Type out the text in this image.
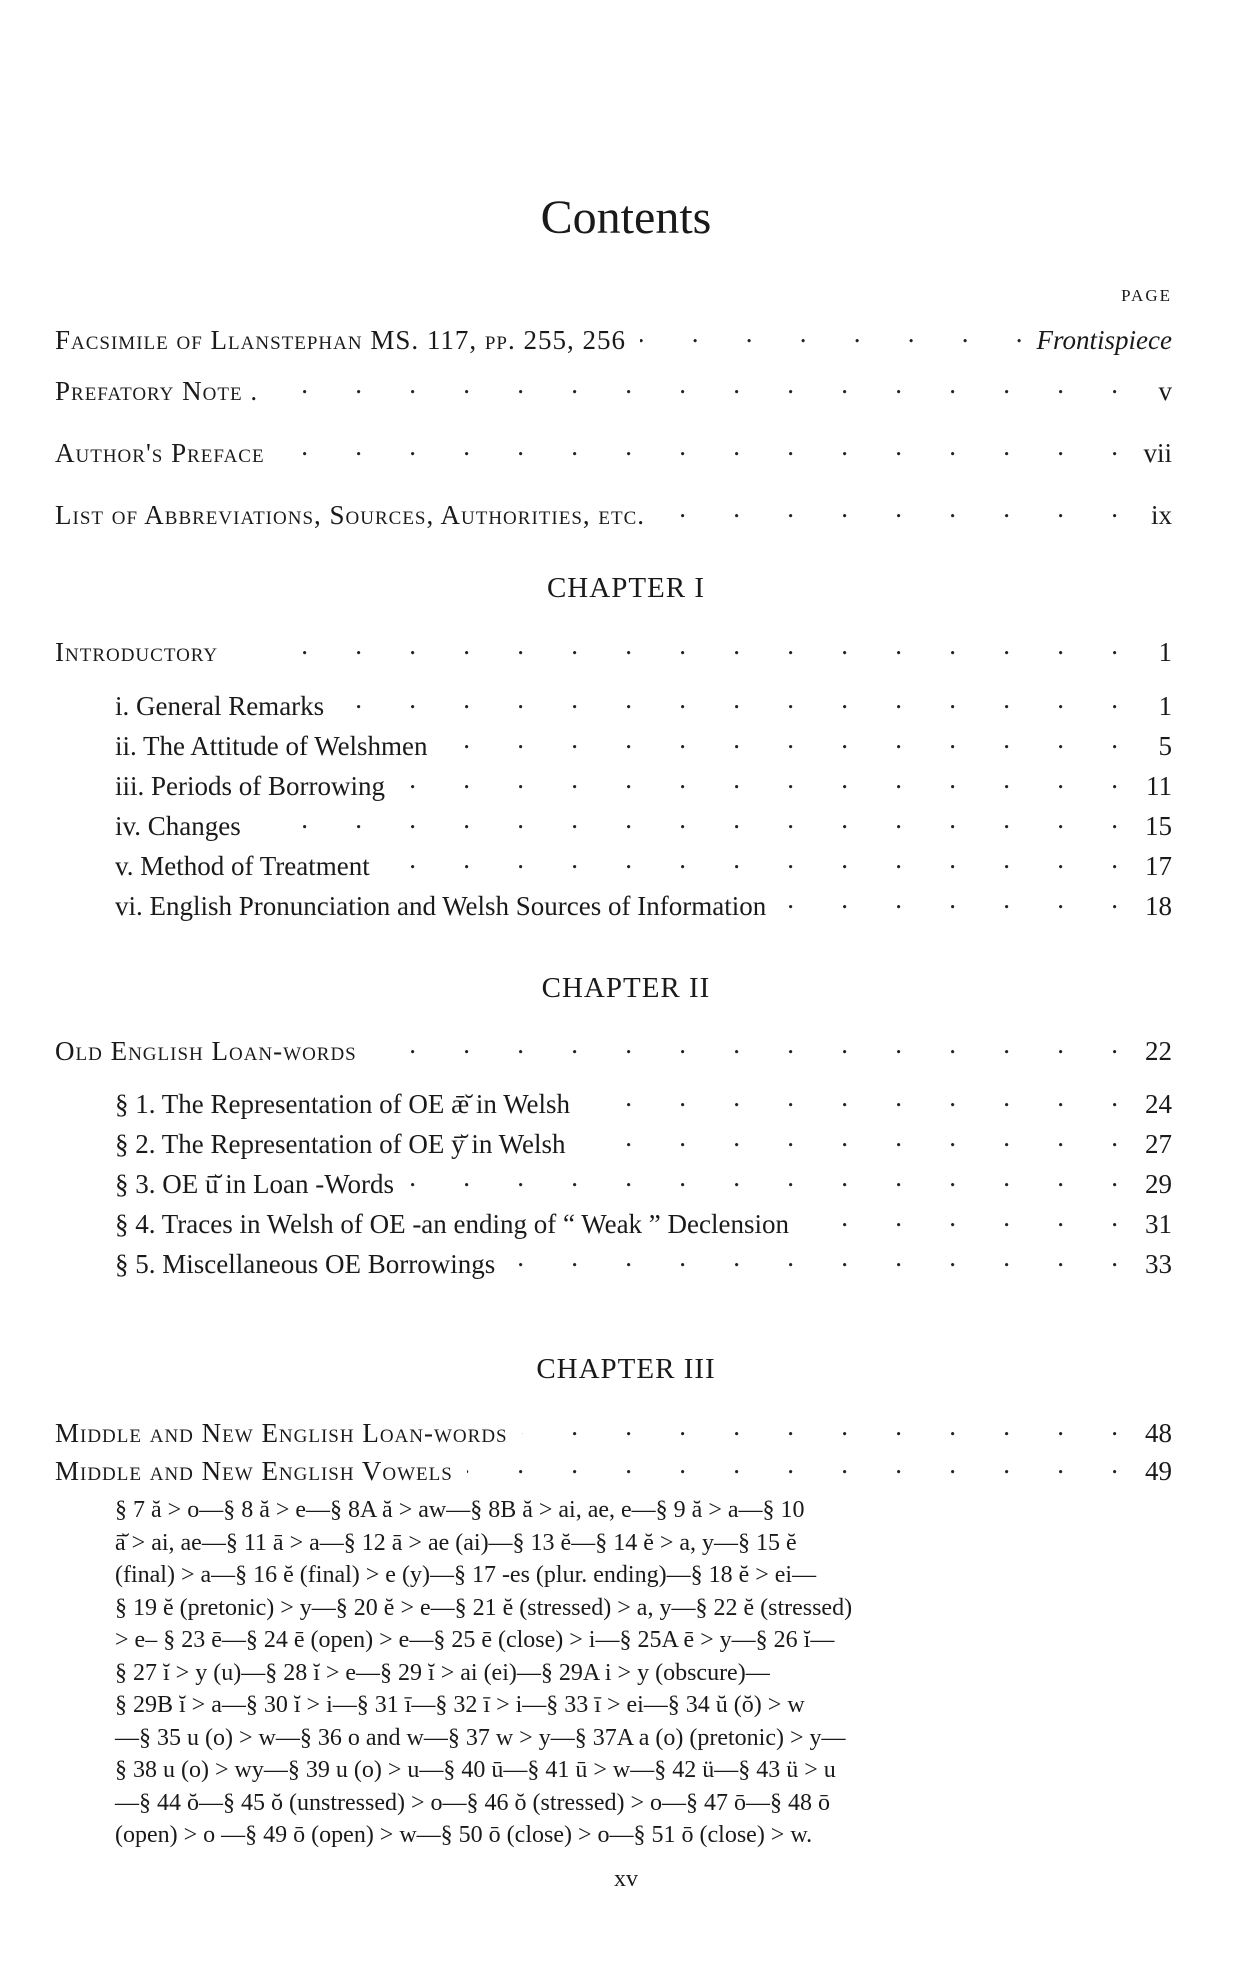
Contents
PAGE
Facsimile of Llanstephan MS. 117, pp. 255, 256 .	Frontispiece
Prefatory Note . .	v
Author's Preface .	vii
List of Abbreviations, Sources, Authorities, etc. .	ix
CHAPTER I
Introductory .	1
i. General Remarks .	1
ii. The Attitude of Welshmen .	5
iii. Periods of Borrowing .	11
iv. Changes .	15
v. Method of Treatment .	17
vi. English Pronunciation and Welsh Sources of Information .	18
CHAPTER II
Old English Loan-words .	22
§ 1. The Representation of OE ǣ̆ in Welsh .	24
§ 2. The Representation of OE ȳ̆ in Welsh .	27
§ 3. OE ū̆ in Loan -Words .	29
§ 4. Traces in Welsh of OE -an ending of “ Weak ” Declension .	31
§ 5. Miscellaneous OE Borrowings .	33
CHAPTER III
Middle and New English Loan-words .	48
Middle and New English Vowels .	49
§ 7 ă > o—§ 8 ă > e—§ 8A ă > aw—§ 8B ă > ai, ae, e—§ 9 ă > a—§ 10
ā̆ > ai, ae—§ 11 ā > a—§ 12 ā > ae (ai)—§ 13 ĕ—§ 14 ĕ > a, y—§ 15 ĕ
(final) > a—§ 16 ĕ (final) > e (y)—§ 17 -es (plur. ending)—§ 18 ĕ > ei—
§ 19 ĕ (pretonic) > y—§ 20 ĕ > e—§ 21 ĕ (stressed) > a, y—§ 22 ĕ (stressed)
> e– § 23 ē—§ 24 ē (open) > e—§ 25 ē (close) > i—§ 25A ē > y—§ 26 ĭ—
§ 27 ĭ > y (u)—§ 28 ĭ > e—§ 29 ĭ > ai (ei)—§ 29A i > y (obscure)—
§ 29B ĭ > a—§ 30 ĭ > i—§ 31 ī—§ 32 ī > i—§ 33 ī > ei—§ 34 ŭ (ŏ) > w
—§ 35 u (o) > w—§ 36 o and w—§ 37 w > y—§ 37A a (o) (pretonic) > y—
§ 38 u (o) > wy—§ 39 u (o) > u—§ 40 ū—§ 41 ū > w—§ 42 ü—§ 43 ü > u
—§ 44 ŏ—§ 45 ŏ (unstressed) > o—§ 46 ŏ (stressed) > o—§ 47 ō—§ 48 ō
(open) > o —§ 49 ō (open) > w—§ 50 ō (close) > o—§ 51 ō (close) > w.
xv
